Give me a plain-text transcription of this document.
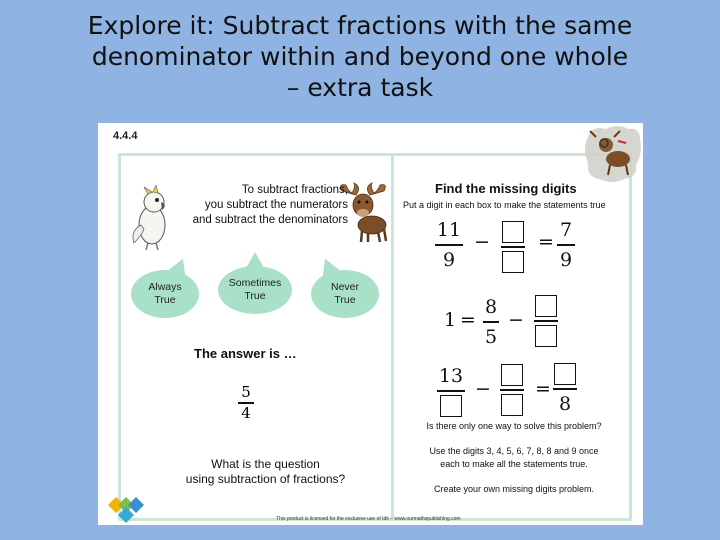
Explore it: Subtract fractions with the same
denominator within and beyond one whole
– extra task
4.4.4
To subtract fractions,
you subtract the numerators
and subtract the denominators
Always
True
Sometimes
True
Never
True
The answer is …
5
4
What is the question
using subtraction of fractions?
Find the missing digits
Put a digit in each box to make the statements true
11
9
−	=
7
9
1 =
8
5
−
13
− =
8
Is there only one way to solve this problem?
Use the digits 3, 4, 5, 6, 7, 8, 8 and 9 once
each to make all the statements true.
Create your own missing digits problem.
This product is licensed for the exclusive use of Idk – www.ourmathspublishing.com
